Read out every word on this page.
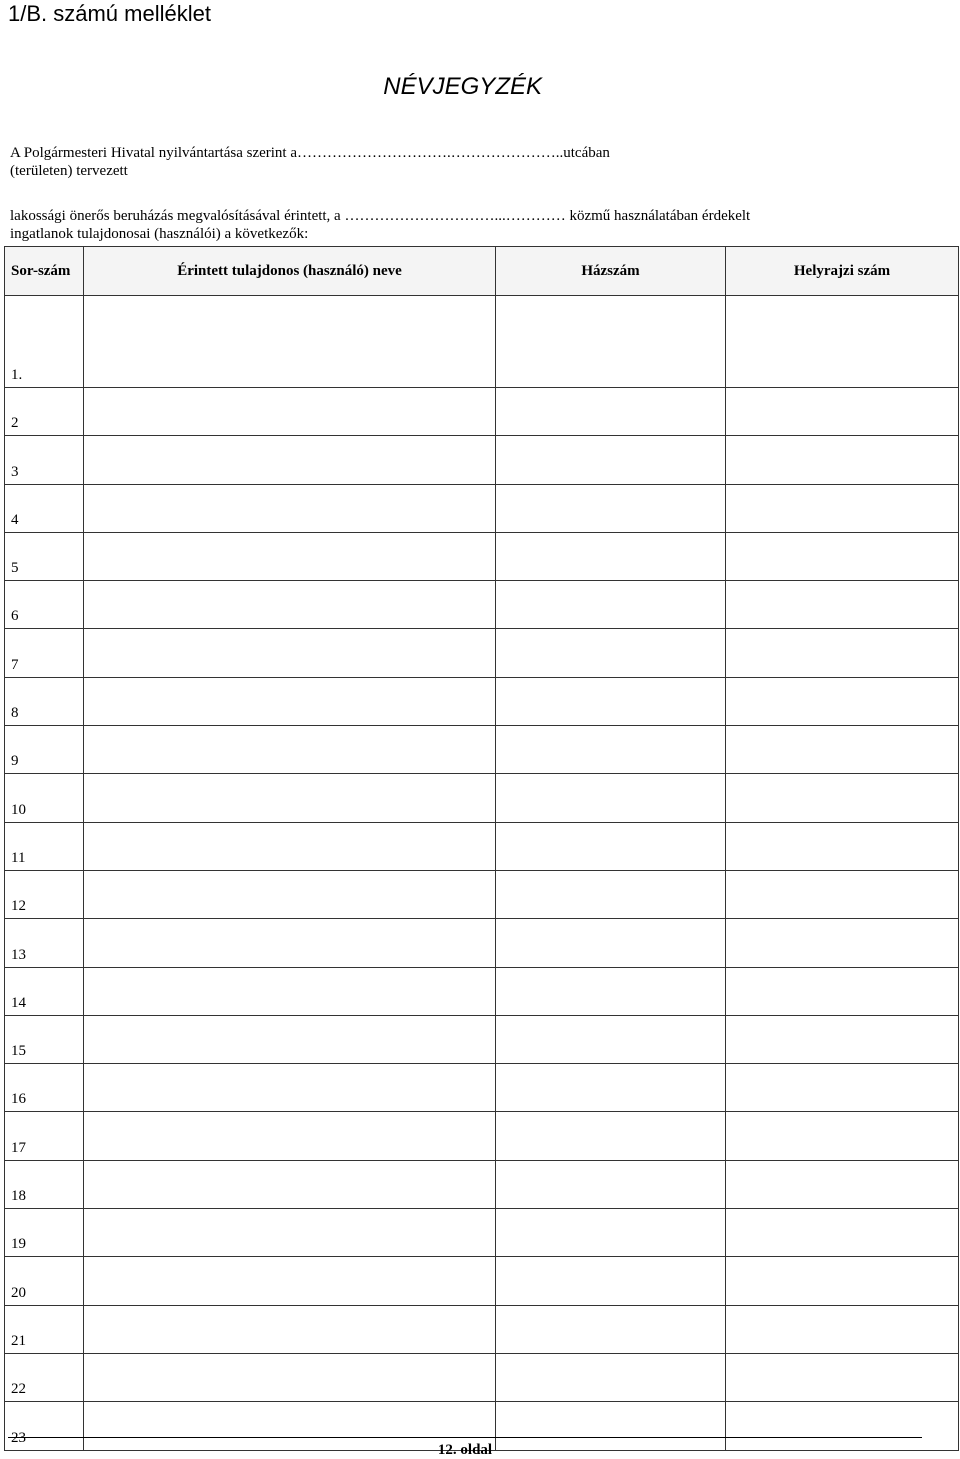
1/B. számú melléklet
NÉVJEGYZÉK
A Polgármesteri Hivatal nyilvántartása szerint a………………………….…………………..utcában
(területen) tervezett
lakossági önerős beruházás megvalósításával érintett, a …………………………...………… közmű használatában érdekelt
ingatlanok tulajdonosai (használói) a következők:
Sor-szám	Érintett tulajdonos (használó) neve	Házszám	Helyrajzi szám
1.			
2			
3			
4			
5			
6			
7			
8			
9			
10			
11			
12			
13			
14			
15			
16			
17			
18			
19			
20			
21			
22			
23			
12. oldal
